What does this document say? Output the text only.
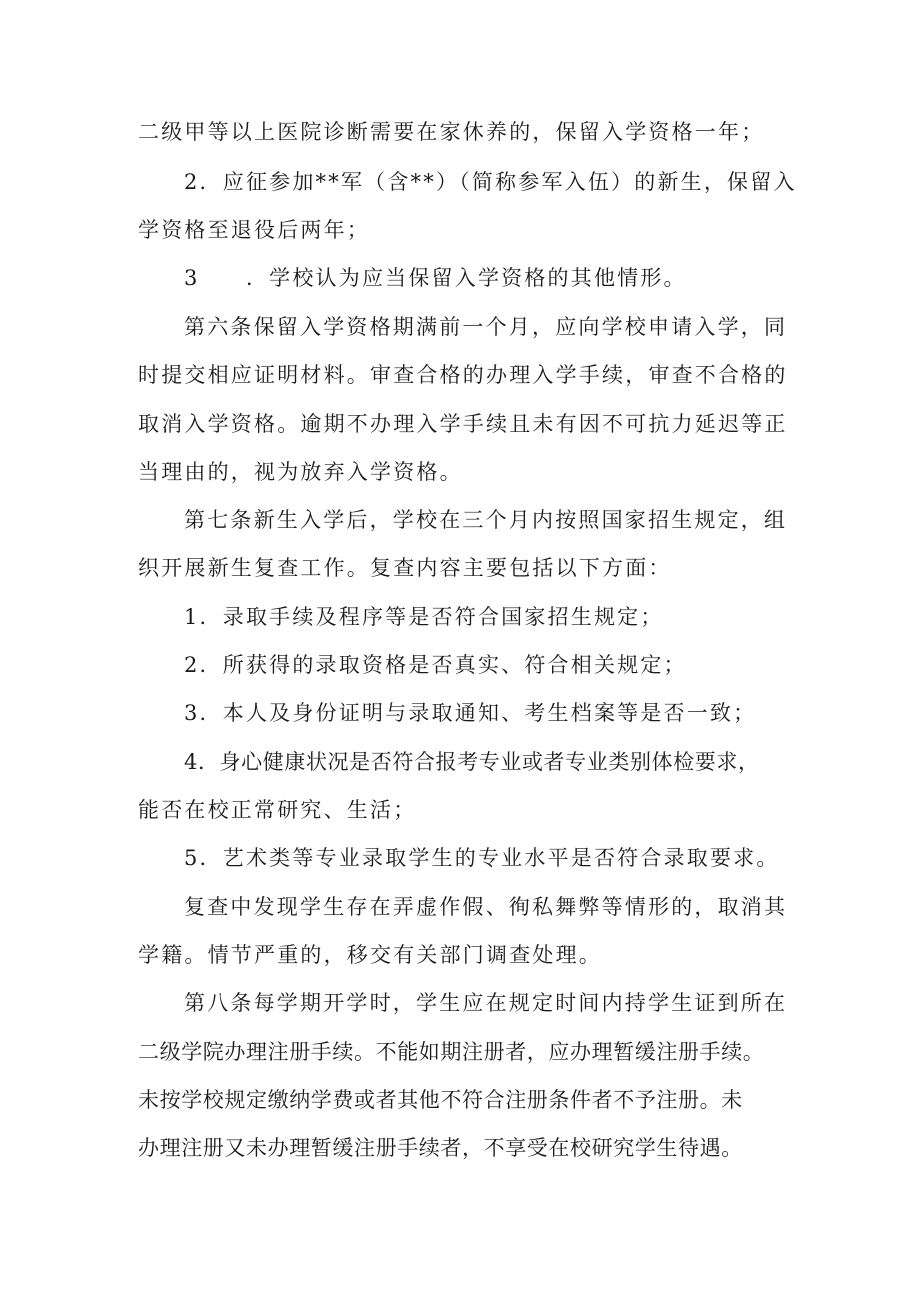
二级甲等以上医院诊断需要在家休养的，保留入学资格一年；
2．应征参加**军（含**）（简称参军入伍）的新生，保留入
学资格至退役后两年；
3　　．学校认为应当保留入学资格的其他情形。
第六条保留入学资格期满前一个月，应向学校申请入学，同
时提交相应证明材料。审查合格的办理入学手续，审查不合格的
取消入学资格。逾期不办理入学手续且未有因不可抗力延迟等正
当理由的，视为放弃入学资格。
第七条新生入学后，学校在三个月内按照国家招生规定，组
织开展新生复查工作。复查内容主要包括以下方面：
1．录取手续及程序等是否符合国家招生规定；
2．所获得的录取资格是否真实、符合相关规定；
3．本人及身份证明与录取通知、考生档案等是否一致；
4．身心健康状况是否符合报考专业或者专业类别体检要求，
能否在校正常研究、生活；
5．艺术类等专业录取学生的专业水平是否符合录取要求。
复查中发现学生存在弄虚作假、徇私舞弊等情形的，取消其
学籍。情节严重的，移交有关部门调查处理。
第八条每学期开学时，学生应在规定时间内持学生证到所在
二级学院办理注册手续。不能如期注册者，应办理暂缓注册手续。
未按学校规定缴纳学费或者其他不符合注册条件者不予注册。未
办理注册又未办理暂缓注册手续者，不享受在校研究学生待遇。
